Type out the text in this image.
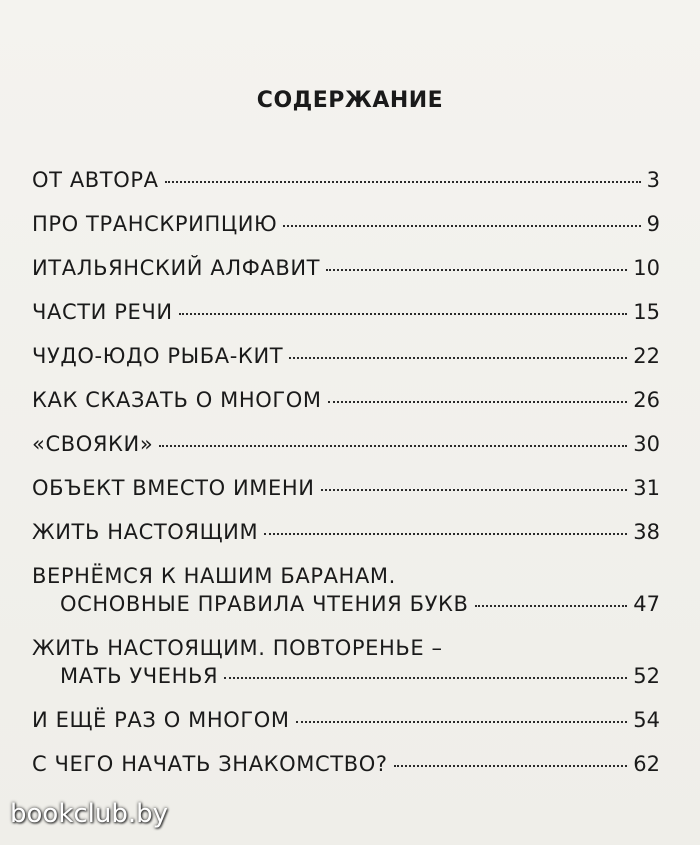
СОДЕРЖАНИЕ
ОТ АВТОРА	3
ПРО ТРАНСКРИПЦИЮ	9
ИТАЛЬЯНСКИЙ АЛФАВИТ	10
ЧАСТИ РЕЧИ	15
ЧУДО-ЮДО РЫБА-КИТ	22
КАК СКАЗАТЬ О МНОГОМ	26
«СВОЯКИ»	30
ОБЪЕКТ ВМЕСТО ИМЕНИ	31
ЖИТЬ НАСТОЯЩИМ	38
ВЕРНЁМСЯ К НАШИМ БАРАНАМ.
ОСНОВНЫЕ ПРАВИЛА ЧТЕНИЯ БУКВ	47
ЖИТЬ НАСТОЯЩИМ. ПОВТОРЕНЬЕ –
МАТЬ УЧЕНЬЯ	52
И ЕЩЁ РАЗ О МНОГОМ	54
С ЧЕГО НАЧАТЬ ЗНАКОМСТВО?	62
bookclub.by
